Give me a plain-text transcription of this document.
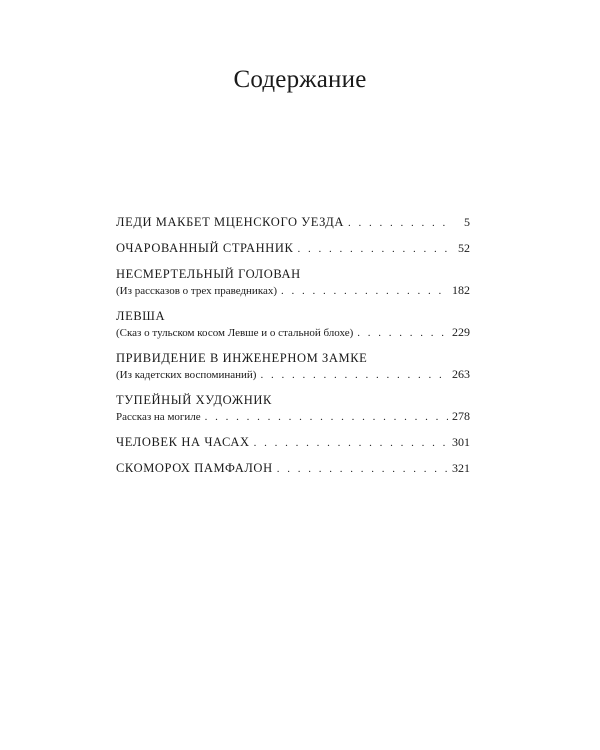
Содержание
ЛЕДИ МАКБЕТ МЦЕНСКОГО УЕЗДА . . .	5
ОЧАРОВАННЫЙ СТРАННИК . . .	52
НЕСМЕРТЕЛЬНЫЙ ГОЛОВАН
(Из рассказов о трех праведниках) . . .	182
ЛЕВША
(Сказ о тульском косом Левше и о стальной блохе) . . .	229
ПРИВИДЕНИЕ В ИНЖЕНЕРНОМ ЗАМКЕ
(Из кадетских воспоминаний) . . .	263
ТУПЕЙНЫЙ ХУДОЖНИК
Рассказ на могиле . . .	278
ЧЕЛОВЕК НА ЧАСАХ . . .	301
СКОМОРОХ ПАМФАЛОН . . .	321
